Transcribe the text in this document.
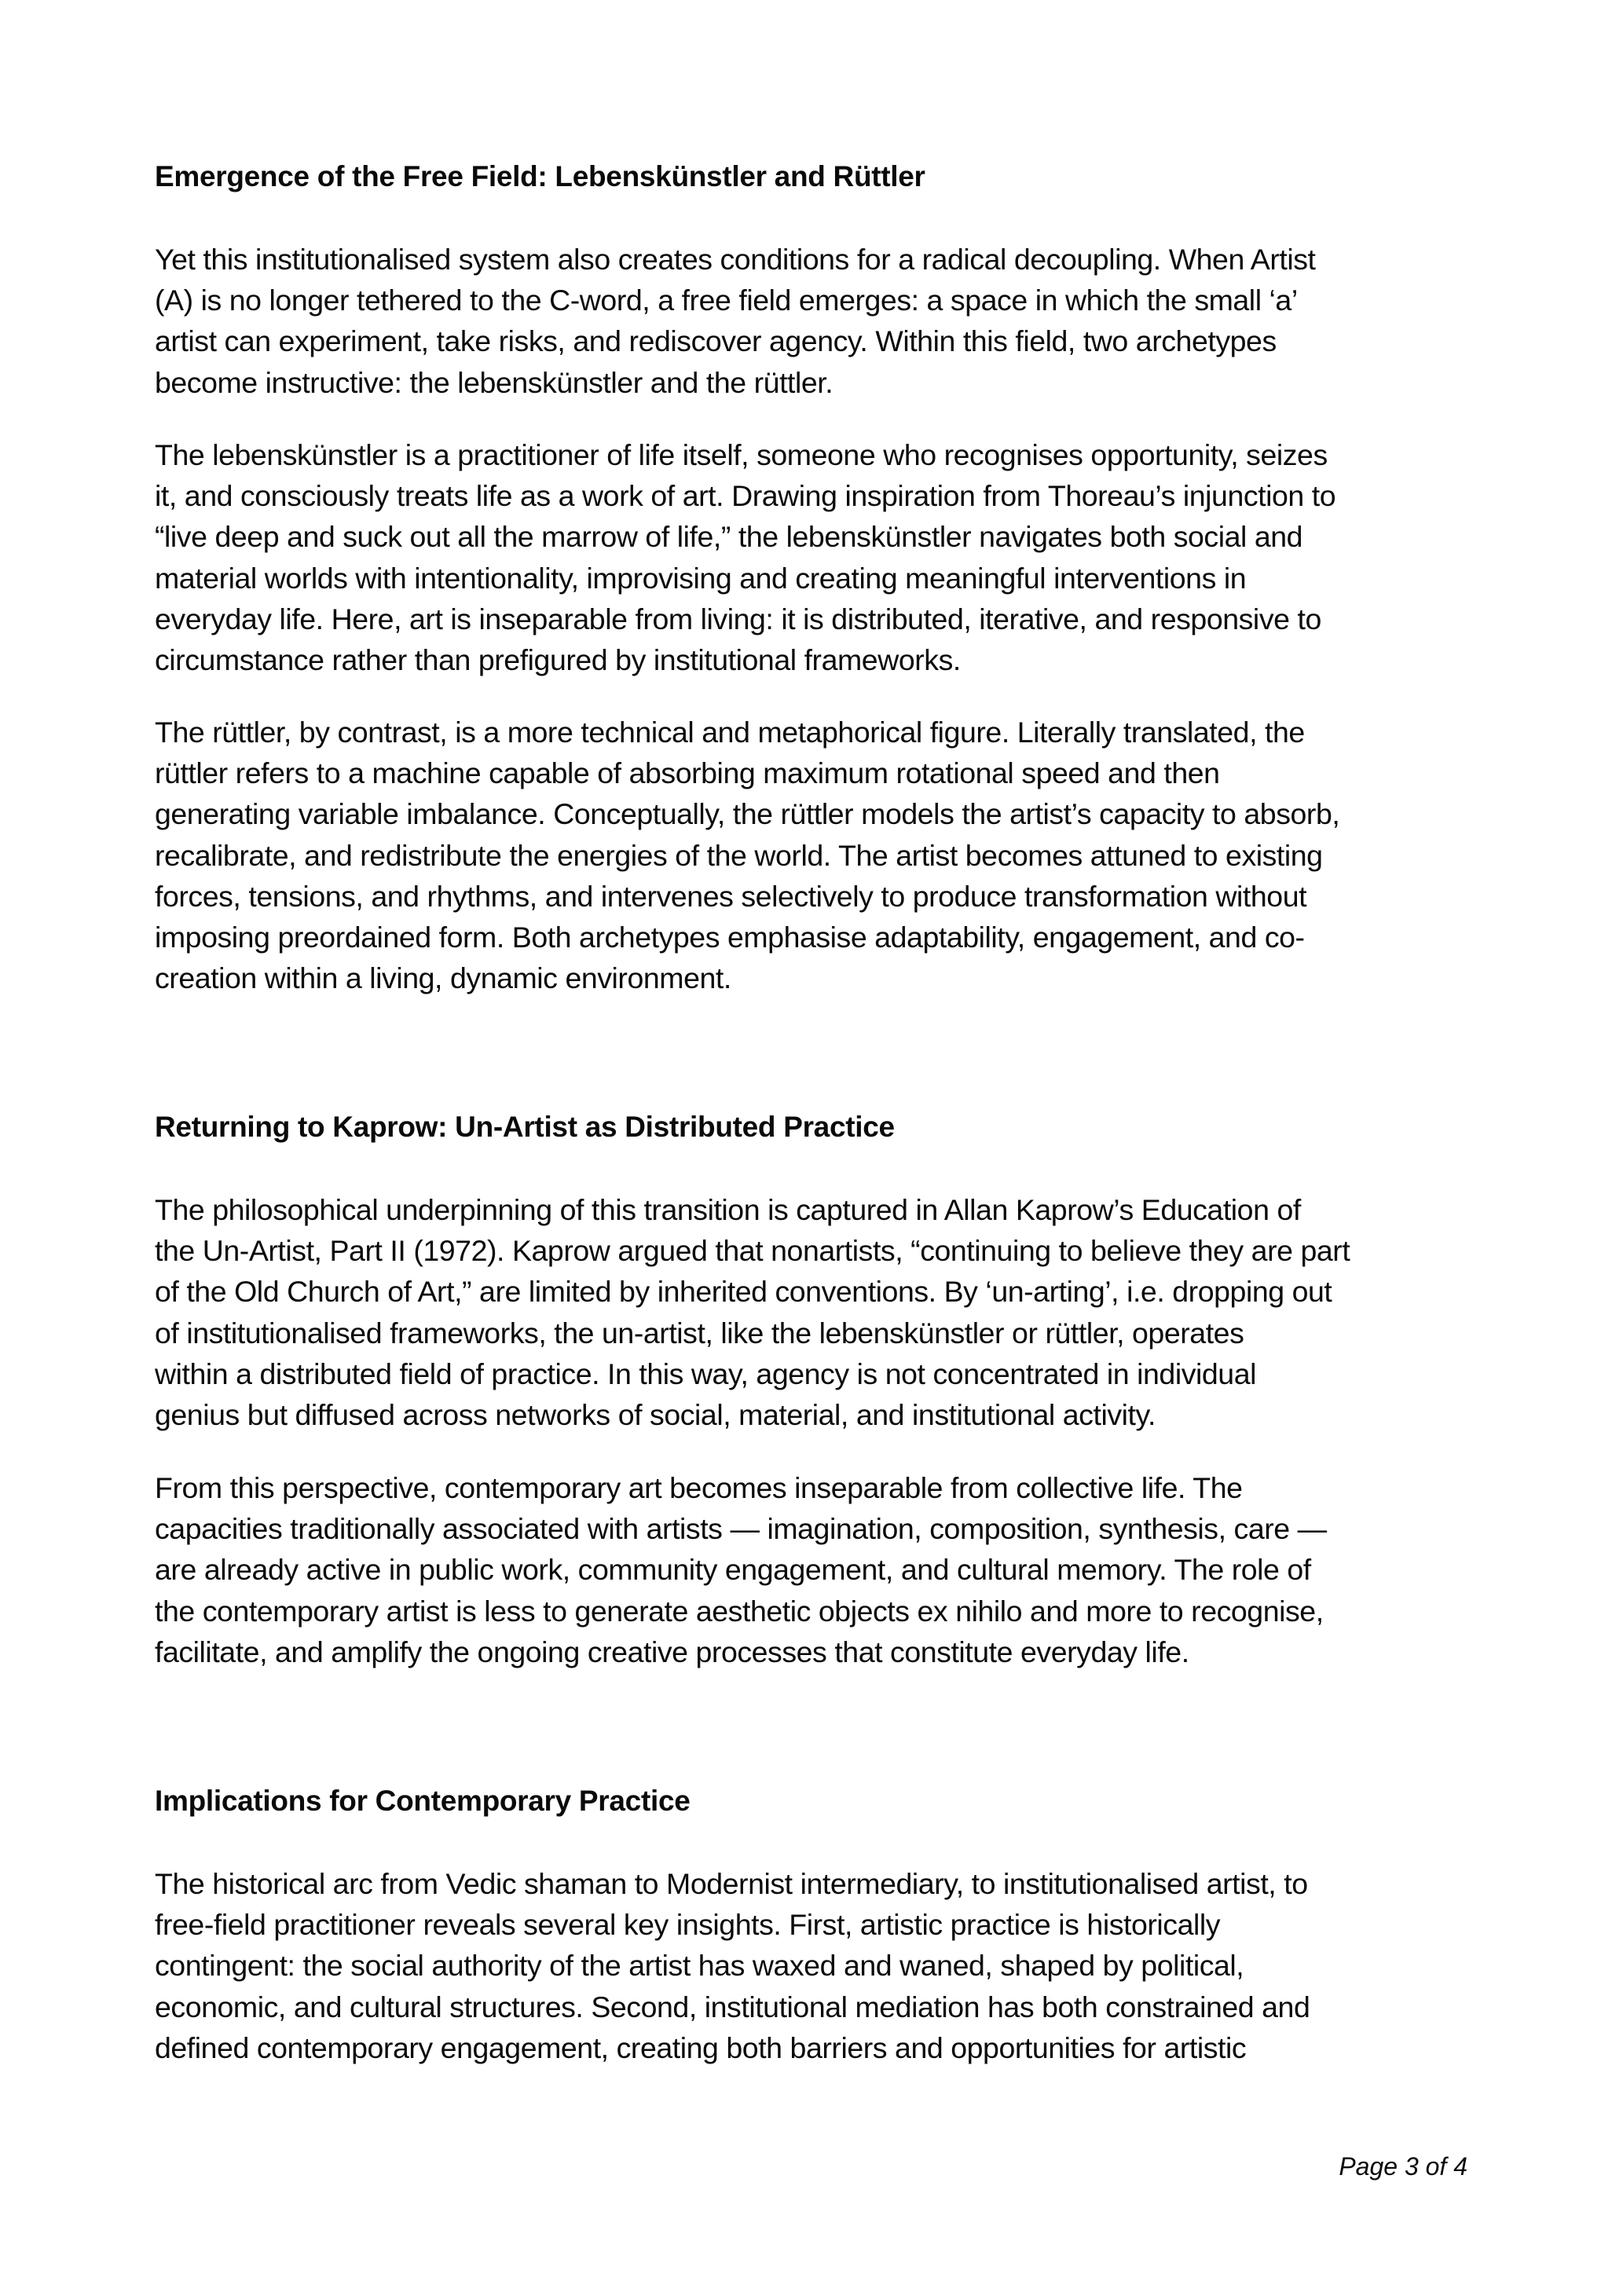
Emergence of the Free Field: Lebenskünstler and Rüttler

Yet this institutionalised system also creates conditions for a radical decoupling. When Artist
(A) is no longer tethered to the C-word, a free field emerges: a space in which the small ‘a’
artist can experiment, take risks, and rediscover agency. Within this field, two archetypes
become instructive: the lebenskünstler and the rüttler.

The lebenskünstler is a practitioner of life itself, someone who recognises opportunity, seizes
it, and consciously treats life as a work of art. Drawing inspiration from Thoreau’s injunction to
“live deep and suck out all the marrow of life,” the lebenskünstler navigates both social and
material worlds with intentionality, improvising and creating meaningful interventions in
everyday life. Here, art is inseparable from living: it is distributed, iterative, and responsive to
circumstance rather than prefigured by institutional frameworks.

The rüttler, by contrast, is a more technical and metaphorical figure. Literally translated, the
rüttler refers to a machine capable of absorbing maximum rotational speed and then
generating variable imbalance. Conceptually, the rüttler models the artist’s capacity to absorb,
recalibrate, and redistribute the energies of the world. The artist becomes attuned to existing
forces, tensions, and rhythms, and intervenes selectively to produce transformation without
imposing preordained form. Both archetypes emphasise adaptability, engagement, and co-
creation within a living, dynamic environment.

Returning to Kaprow: Un-Artist as Distributed Practice

The philosophical underpinning of this transition is captured in Allan Kaprow’s Education of
the Un-Artist, Part II (1972). Kaprow argued that nonartists, “continuing to believe they are part
of the Old Church of Art,” are limited by inherited conventions. By ‘un-arting’, i.e. dropping out
of institutionalised frameworks, the un-artist, like the lebenskünstler or rüttler, operates
within a distributed field of practice. In this way, agency is not concentrated in individual
genius but diffused across networks of social, material, and institutional activity.

From this perspective, contemporary art becomes inseparable from collective life. The
capacities traditionally associated with artists — imagination, composition, synthesis, care —
are already active in public work, community engagement, and cultural memory. The role of
the contemporary artist is less to generate aesthetic objects ex nihilo and more to recognise,
facilitate, and amplify the ongoing creative processes that constitute everyday life.

Implications for Contemporary Practice

The historical arc from Vedic shaman to Modernist intermediary, to institutionalised artist, to
free-field practitioner reveals several key insights. First, artistic practice is historically
contingent: the social authority of the artist has waxed and waned, shaped by political,
economic, and cultural structures. Second, institutional mediation has both constrained and
defined contemporary engagement, creating both barriers and opportunities for artistic

Page 3 of 4
